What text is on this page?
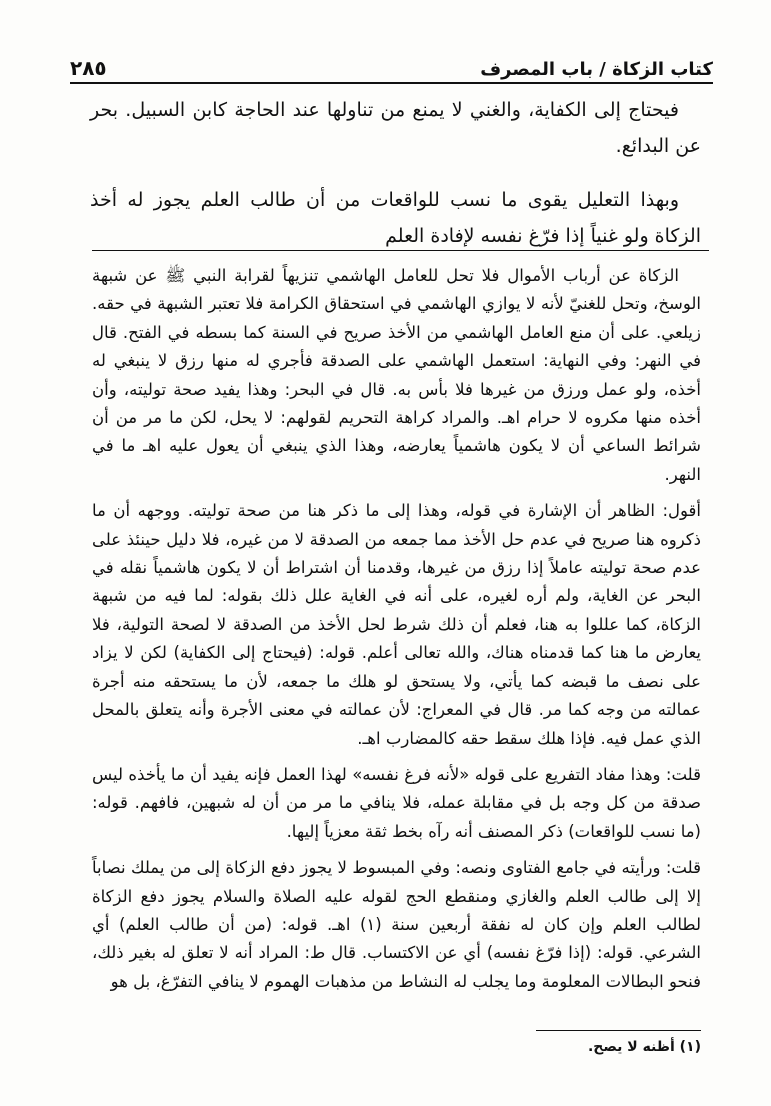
كتاب الزكاة / باب المصرف
٢٨٥

فيحتاج إلى الكفاية، والغني لا يمنع من تناولها عند الحاجة كابن السبيل. بحر عن البدائع.

وبهذا التعليل يقوى ما نسب للواقعات من أن طالب العلم يجوز له أخذ الزكاة ولو غنياً إذا فرّغ نفسه لإفادة العلم

الزكاة عن أرباب الأموال فلا تحل للعامل الهاشمي تنزيهاً لقرابة النبي ﷺ عن شبهة الوسخ، وتحل للغنيّ لأنه لا يوازي الهاشمي في استحقاق الكرامة فلا تعتبر الشبهة في حقه. زيلعي. على أن منع العامل الهاشمي من الأخذ صريح في السنة كما بسطه في الفتح. قال في النهر: وفي النهاية: استعمل الهاشمي على الصدقة فأجري له منها رزق لا ينبغي له أخذه، ولو عمل ورزق من غيرها فلا بأس به. قال في البحر: وهذا يفيد صحة توليته، وأن أخذه منها مكروه لا حرام اهـ. والمراد كراهة التحريم لقولهم: لا يحل، لكن ما مر من أن شرائط الساعي أن لا يكون هاشمياً يعارضه، وهذا الذي ينبغي أن يعول عليه اهـ ما في النهر.

أقول: الظاهر أن الإشارة في قوله، وهذا إلى ما ذكر هنا من صحة توليته. ووجهه أن ما ذكروه هنا صريح في عدم حل الأخذ مما جمعه من الصدقة لا من غيره، فلا دليل حينئذ على عدم صحة توليته عاملاً إذا رزق من غيرها، وقدمنا أن اشتراط أن لا يكون هاشمياً نقله في البحر عن الغاية، ولم أره لغيره، على أنه في الغاية علل ذلك بقوله: لما فيه من شبهة الزكاة، كما عللوا به هنا، فعلم أن ذلك شرط لحل الأخذ من الصدقة لا لصحة التولية، فلا يعارض ما هنا كما قدمناه هناك، والله تعالى أعلم. قوله: (فيحتاج إلى الكفاية) لكن لا يزاد على نصف ما قبضه كما يأتي، ولا يستحق لو هلك ما جمعه، لأن ما يستحقه منه أجرة عمالته من وجه كما مر. قال في المعراج: لأن عمالته في معنى الأجرة وأنه يتعلق بالمحل الذي عمل فيه. فإذا هلك سقط حقه كالمضارب اهـ.

قلت: وهذا مفاد التفريع على قوله «لأنه فرغ نفسه» لهذا العمل فإنه يفيد أن ما يأخذه ليس صدقة من كل وجه بل في مقابلة عمله، فلا ينافي ما مر من أن له شبهين، فافهم. قوله: (ما نسب للواقعات) ذكر المصنف أنه رآه بخط ثقة معزياً إليها.

قلت: ورأيته في جامع الفتاوى ونصه: وفي المبسوط لا يجوز دفع الزكاة إلى من يملك نصاباً إلا إلى طالب العلم والغازي ومنقطع الحج لقوله عليه الصلاة والسلام يجوز دفع الزكاة لطالب العلم وإن كان له نفقة أربعين سنة (١) اهـ. قوله: (من أن طالب العلم) أي الشرعي. قوله: (إذا فرّغ نفسه) أي عن الاكتساب. قال ط: المراد أنه لا تعلق له بغير ذلك، فنحو البطالات المعلومة وما يجلب له النشاط من مذهبات الهموم لا ينافي التفرّغ، بل هو

(١) أظنه لا يصح.
